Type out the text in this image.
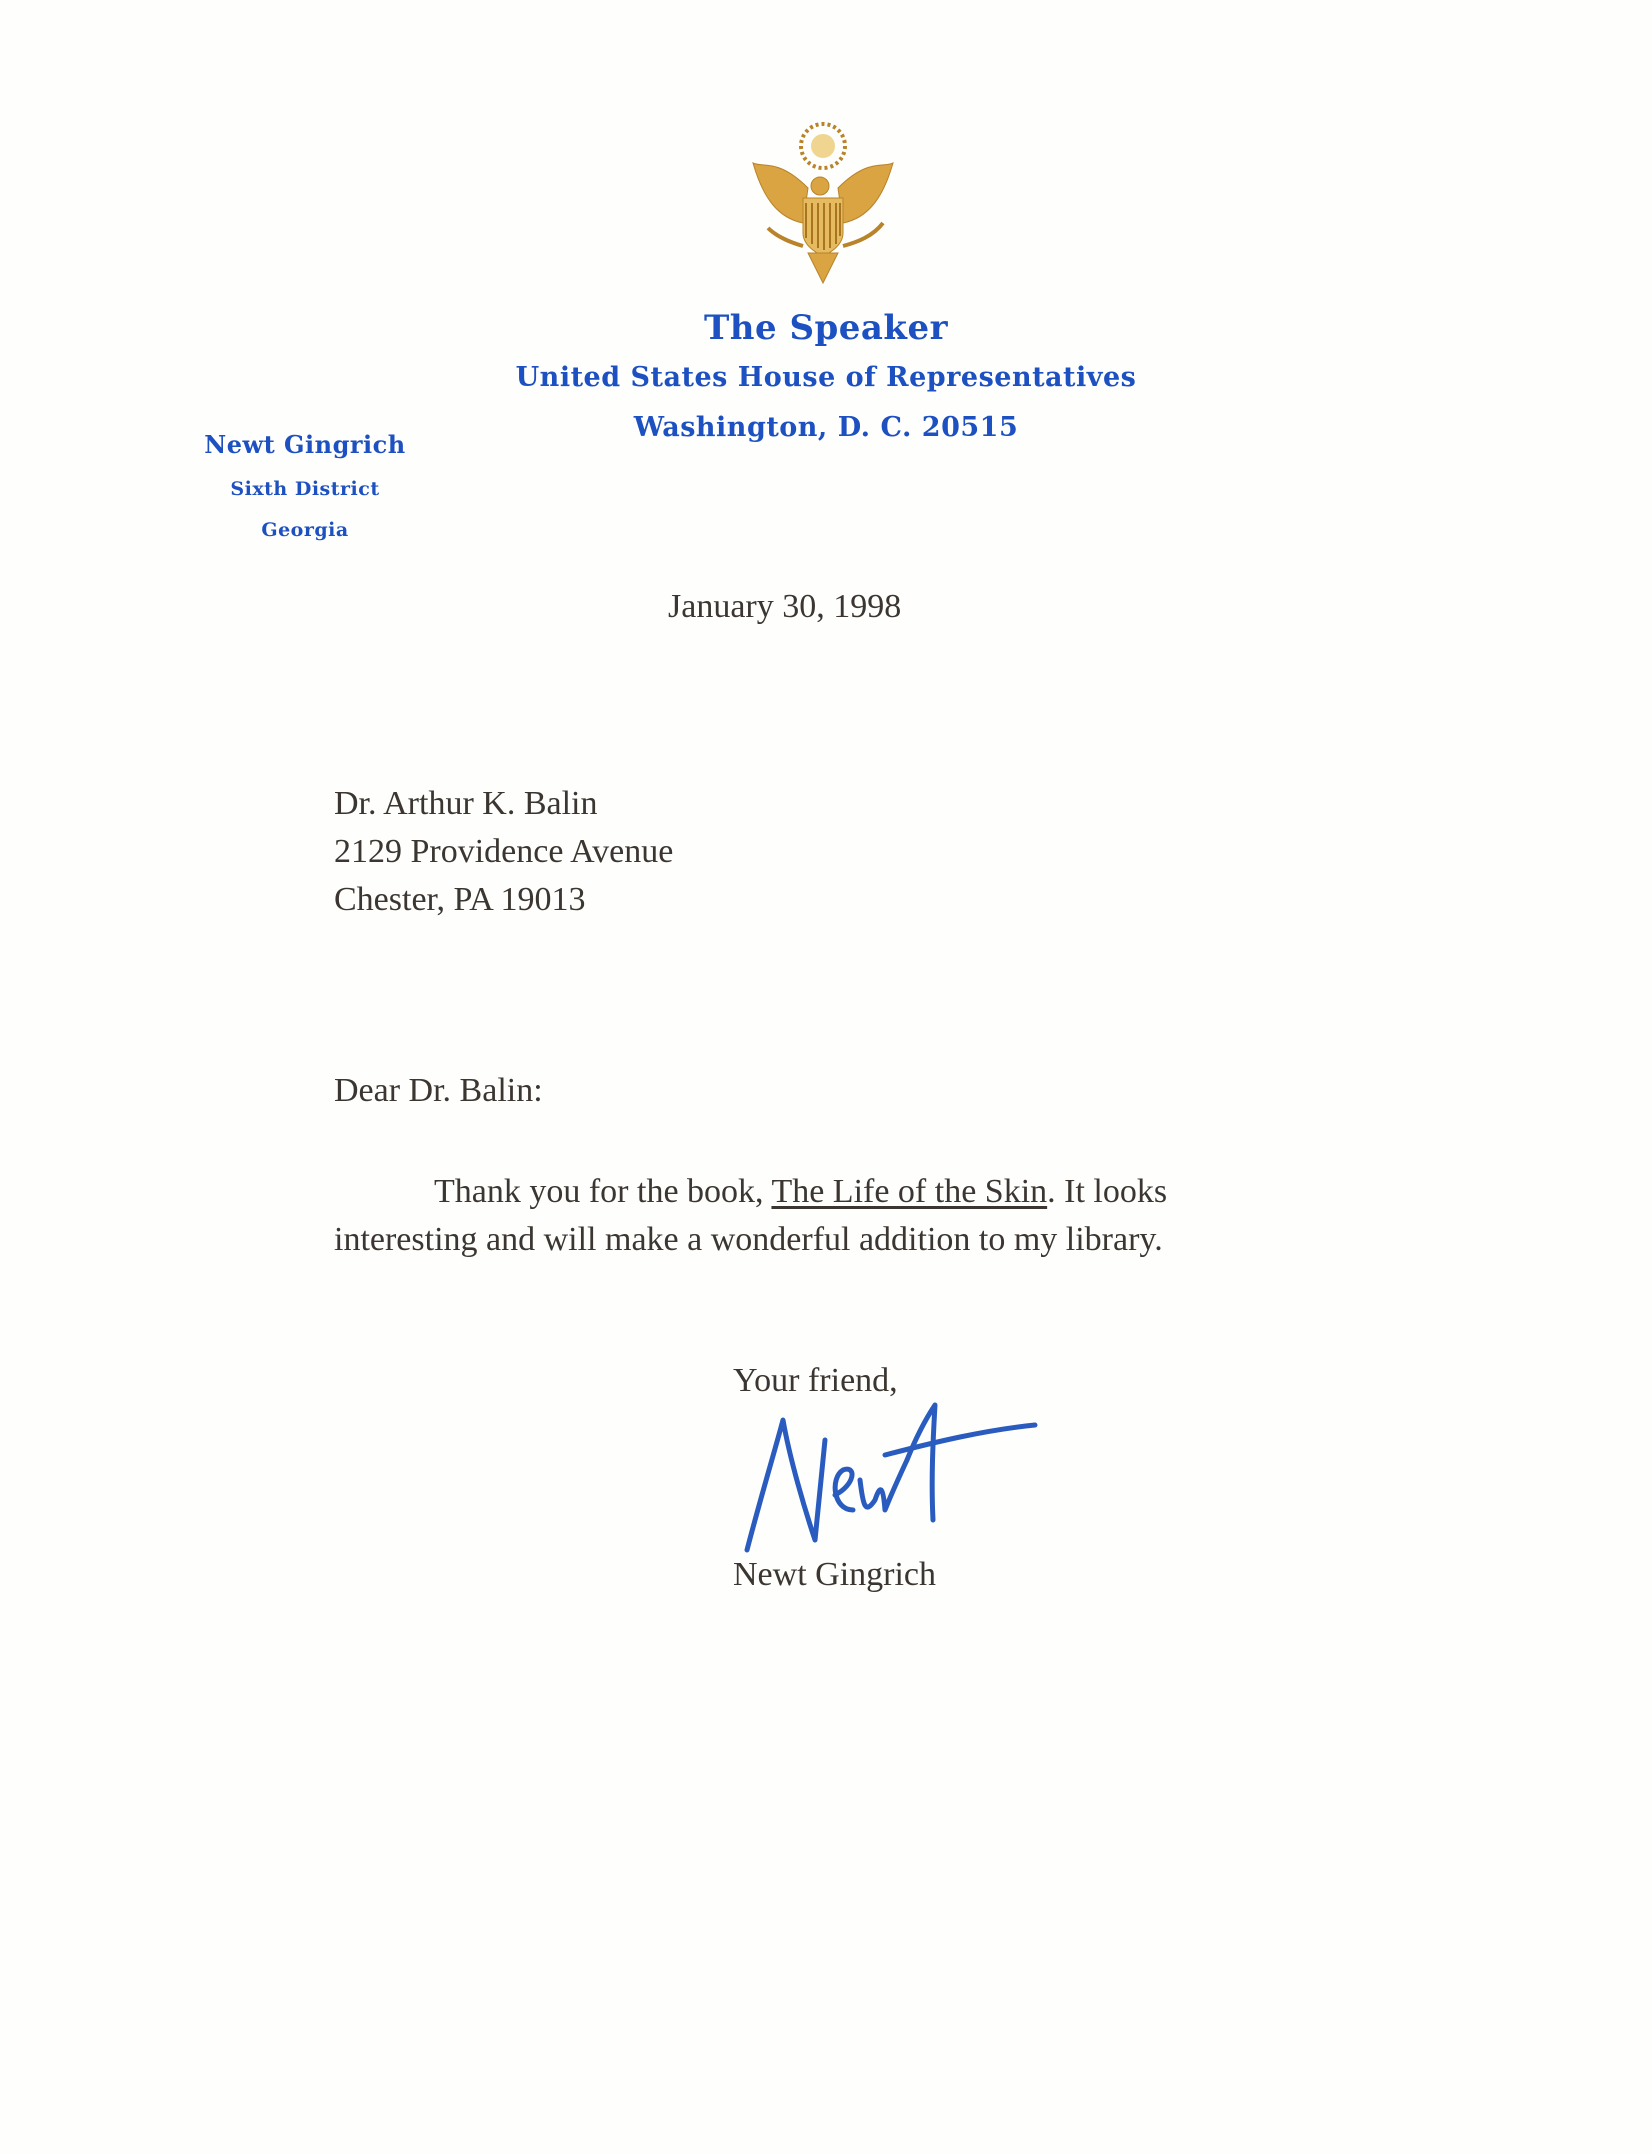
The Speaker
United States House of Representatives
Washington, D. C. 20515
Newt Gingrich
Sixth District
Georgia
January 30, 1998
Dr. Arthur K. Balin
2129 Providence Avenue
Chester, PA 19013
Dear Dr. Balin:
Thank you for the book, The Life of the Skin. It looks interesting and will make a wonderful addition to my library.
Your friend,
Newt Gingrich
